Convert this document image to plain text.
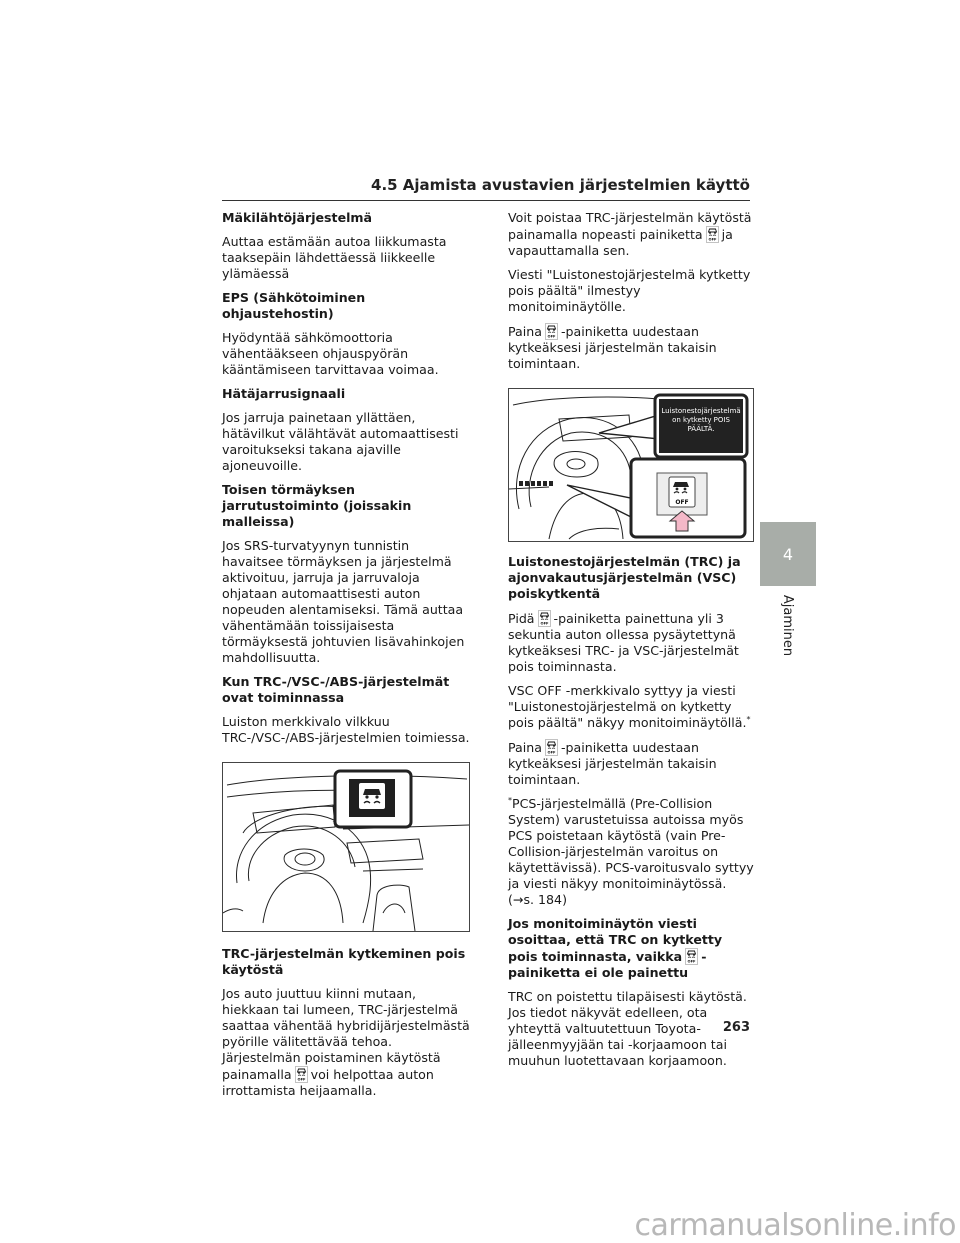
4.5 Ajamista avustavien järjestelmien käyttö
Mäkilähtöjärjestelmä

Auttaa estämään autoa liikkumasta taaksepäin lähdettäessä liikkeelle ylämäessä

EPS (Sähkötoiminen ohjaustehostin)

Hyödyntää sähkömoottoria vähentääkseen ohjauspyörän kääntämiseen tarvittavaa voimaa.

Hätäjarrusignaali

Jos jarruja painetaan yllättäen, hätävilkut välähtävät automaattisesti varoitukseksi takana ajaville ajoneuvoille.

Toisen törmäyksen jarrutustoiminto (joissakin malleissa)

Jos SRS-turvatyynyn tunnistin havaitsee törmäyksen ja järjestelmä aktivoituu, jarruja ja jarruvaloja ohjataan automaattisesti auton nopeuden alentamiseksi. Tämä auttaa vähentämään toissijaisesta törmäyksestä johtuvien lisävahinkojen mahdollisuutta.

Kun TRC-/VSC-/ABS-järjestelmät ovat toiminnassa

Luiston merkkivalo vilkkuu TRC-/VSC-/ABS-järjestelmien toimiessa.

TRC-järjestelmän kytkeminen pois käytöstä

Jos auto juuttuu kiinni mutaan, hiekkaan tai lumeen, TRC-järjestelmä saattaa vähentää hybridijärjestelmästä pyörille välitettävää tehoa. Järjestelmän poistaminen käytöstä painamalla voi helpottaa auton irrottamista heijaamalla.

Voit poistaa TRC-järjestelmän käytöstä painamalla nopeasti painiketta ja vapauttamalla sen.

Viesti "Luistonestojärjestelmä kytketty pois päältä" ilmestyy monitoiminäytölle.

Paina -painiketta uudestaan kytkeäksesi järjestelmän takaisin toimintaan.

OFF
Luistonestojärjestelmä on kytketty POIS PÄÄLTÄ.
Luistonestojärjestelmän (TRC) ja ajonvakautusjärjestelmän (VSC) poiskytkentä

Pidä -painiketta painettuna yli 3 sekuntia auton ollessa pysäytettynä kytkeäksesi TRC- ja VSC-järjestelmät pois toiminnasta.

VSC OFF -merkkivalo syttyy ja viesti "Luistonestojärjestelmä on kytketty pois päältä" näkyy monitoiminäytöllä.*

Paina -painiketta uudestaan kytkeäksesi järjestelmän takaisin toimintaan.

*PCS-järjestelmällä (Pre-Collision System) varustetuissa autoissa myös PCS poistetaan käytöstä (vain Pre-Collision-järjestelmän varoitus on käytettävissä). PCS-varoitusvalo syttyy ja viesti näkyy monitoiminäytössä. (→s. 184)

Jos monitoiminäytön viesti osoittaa, että TRC on kytketty pois toiminnasta, vaikka -painiketta ei ole painettu

TRC on poistettu tilapäisesti käytöstä. Jos tiedot näkyvät edelleen, ota yhteyttä valtuutettuun Toyota-jälleenmyyjään tai -korjaamoon tai muuhun luotettavaan korjaamoon.

4
Ajaminen
263
carmanualsonline.info
